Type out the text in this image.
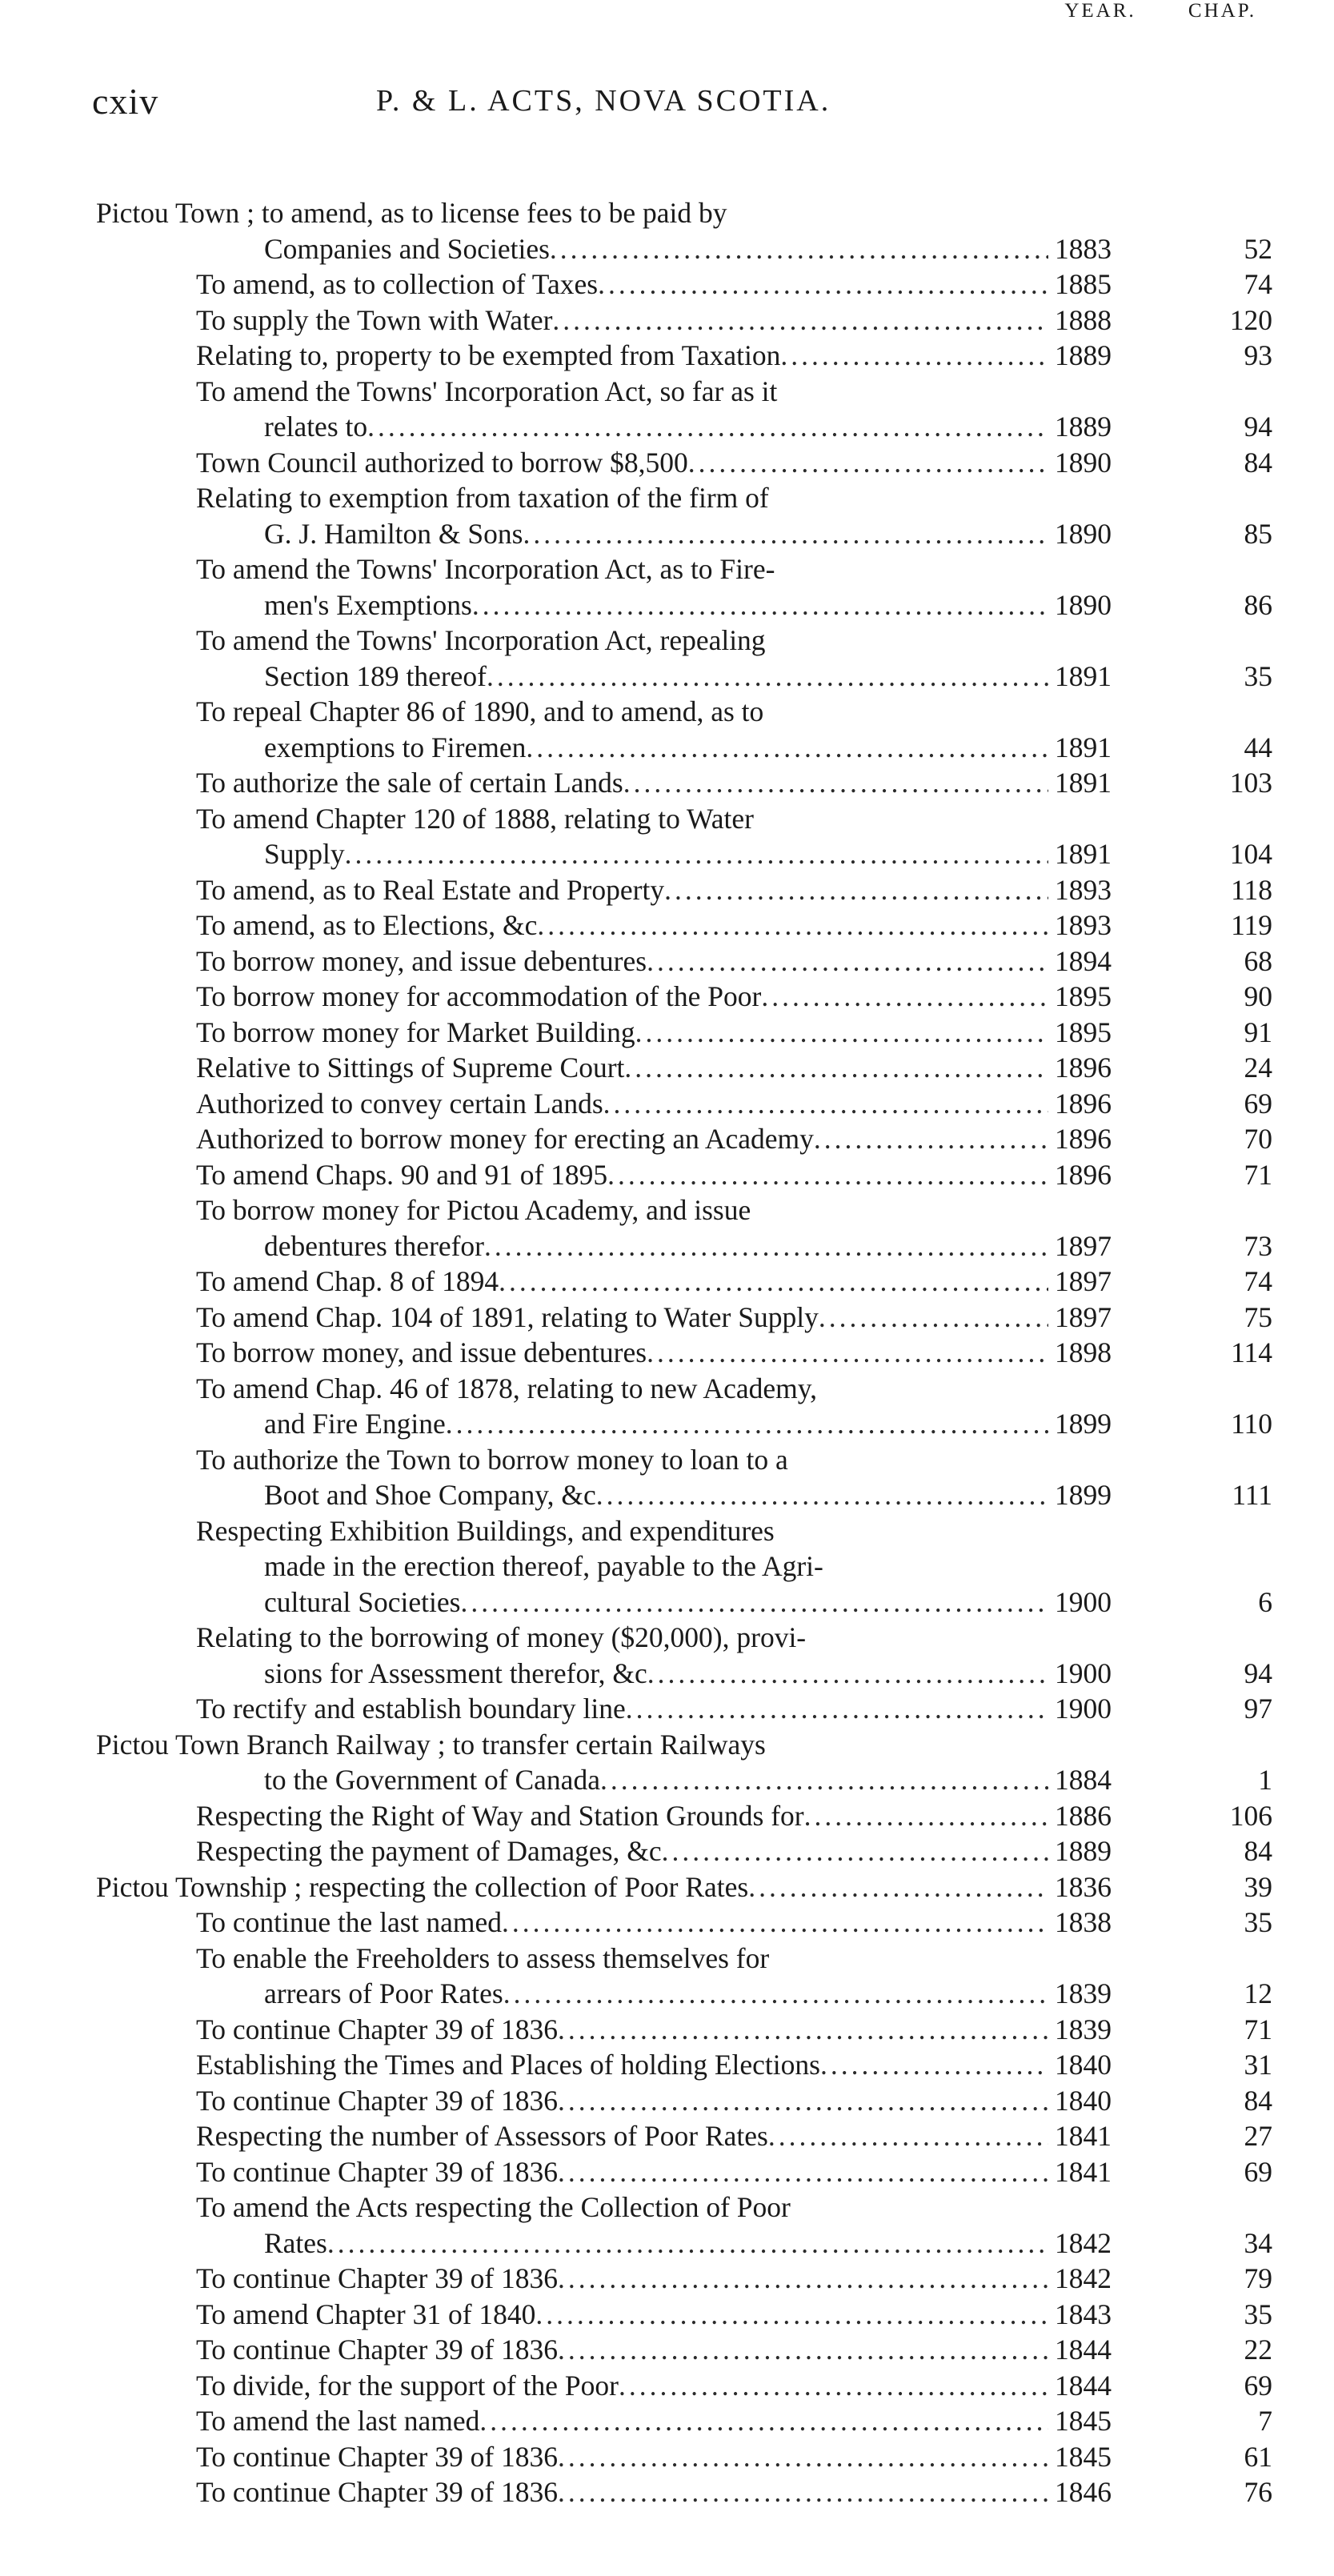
cxiv	P. & L. ACTS, NOVA SCOTIA.
YEAR.	CHAP.
Pictou Town ; to amend, as to license fees to be paid by
Companies and Societies .....	1883	52
To amend, as to collection of Taxes .....	1885	74
To supply the Town with Water .....	1888	120
Relating to, property to be exempted from Taxation .....	1889	93
To amend the Towns' Incorporation Act, so far as it
relates to .....	1889	94
Town Council authorized to borrow $8,500 .....	1890	84
Relating to exemption from taxation of the firm of
G. J. Hamilton & Sons .....	1890	85
To amend the Towns' Incorporation Act, as to Fire-
men's Exemptions .....	1890	86
To amend the Towns' Incorporation Act, repealing
Section 189 thereof .....	1891	35
To repeal Chapter 86 of 1890, and to amend, as to
exemptions to Firemen .....	1891	44
To authorize the sale of certain Lands .....	1891	103
To amend Chapter 120 of 1888, relating to Water
Supply .....	1891	104
To amend, as to Real Estate and Property .....	1893	118
To amend, as to Elections, &c .....	1893	119
To borrow money, and issue debentures .....	1894	68
To borrow money for accommodation of the Poor .....	1895	90
To borrow money for Market Building .....	1895	91
Relative to Sittings of Supreme Court .....	1896	24
Authorized to convey certain Lands .....	1896	69
Authorized to borrow money for erecting an Academy .....	1896	70
To amend Chaps. 90 and 91 of 1895 .....	1896	71
To borrow money for Pictou Academy, and issue
debentures therefor .....	1897	73
To amend Chap. 8 of 1894 .....	1897	74
To amend Chap. 104 of 1891, relating to Water Supply .....	1897	75
To borrow money, and issue debentures .....	1898	114
To amend Chap. 46 of 1878, relating to new Academy,
and Fire Engine .....	1899	110
To authorize the Town to borrow money to loan to a
Boot and Shoe Company, &c .....	1899	111
Respecting Exhibition Buildings, and expenditures
made in the erection thereof, payable to the Agri-
cultural Societies .....	1900	6
Relating to the borrowing of money ($20,000), provi-
sions for Assessment therefor, &c .....	1900	94
To rectify and establish boundary line .....	1900	97
Pictou Town Branch Railway ; to transfer certain Railways
to the Government of Canada .....	1884	1
Respecting the Right of Way and Station Grounds for .....	1886	106
Respecting the payment of Damages, &c .....	1889	84
Pictou Township ; respecting the collection of Poor Rates .....	1836	39
To continue the last named .....	1838	35
To enable the Freeholders to assess themselves for
arrears of Poor Rates .....	1839	12
To continue Chapter 39 of 1836 .....	1839	71
Establishing the Times and Places of holding Elections .....	1840	31
To continue Chapter 39 of 1836 .....	1840	84
Respecting the number of Assessors of Poor Rates .....	1841	27
To continue Chapter 39 of 1836 .....	1841	69
To amend the Acts respecting the Collection of Poor
Rates .....	1842	34
To continue Chapter 39 of 1836 .....	1842	79
To amend Chapter 31 of 1840 .....	1843	35
To continue Chapter 39 of 1836 .....	1844	22
To divide, for the support of the Poor .....	1844	69
To amend the last named .....	1845	7
To continue Chapter 39 of 1836 .....	1845	61
To continue Chapter 39 of 1836 .....	1846	76
